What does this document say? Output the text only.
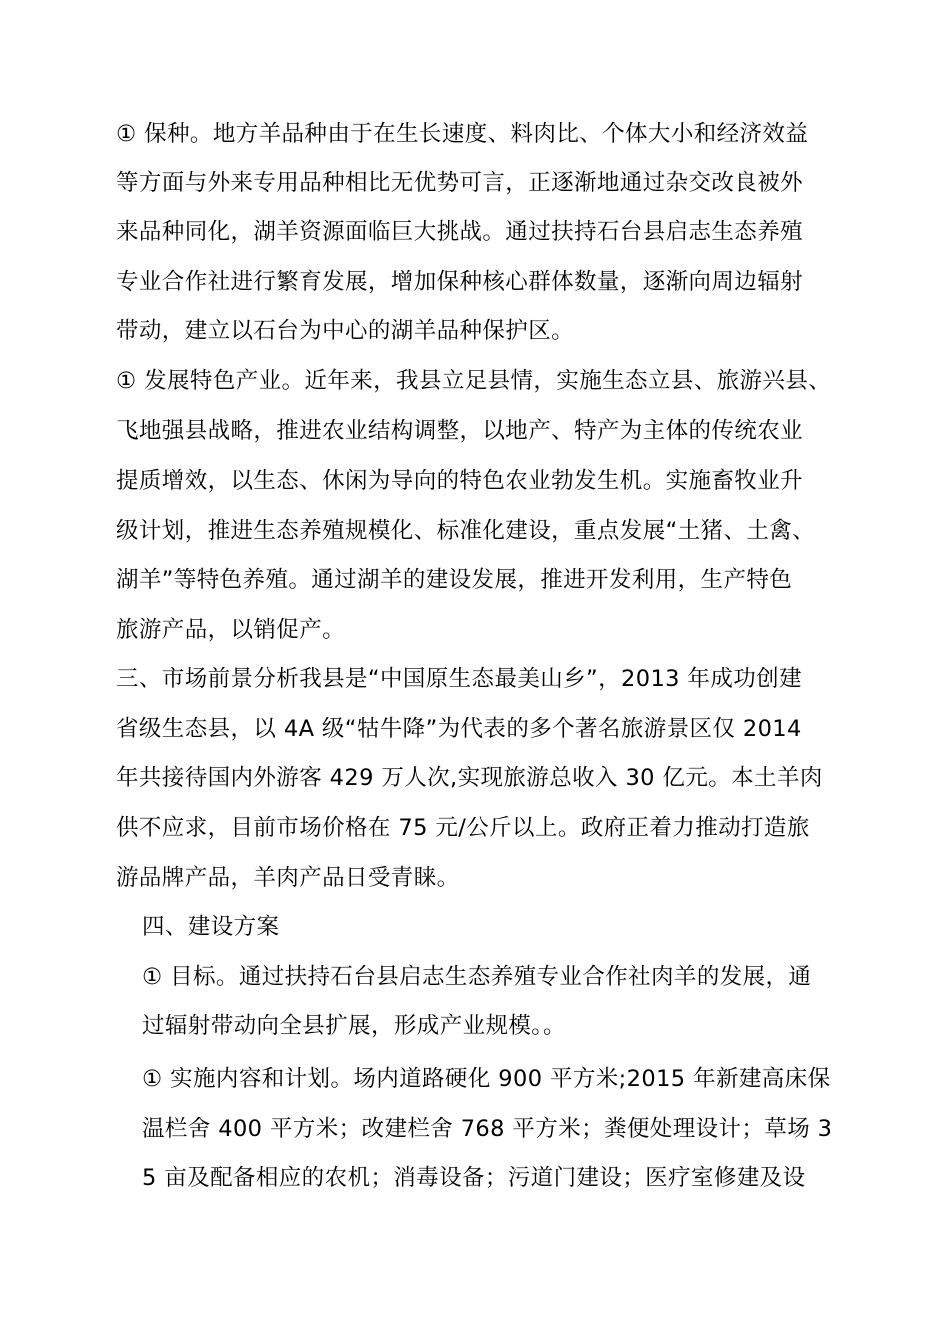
① 保种。地方羊品种由于在生长速度、料肉比、个体大小和经济效益
等方面与外来专用品种相比无优势可言，正逐渐地通过杂交改良被外
来品种同化，湖羊资源面临巨大挑战。通过扶持石台县启志生态养殖
专业合作社进行繁育发展，增加保种核心群体数量，逐渐向周边辐射
带动，建立以石台为中心的湖羊品种保护区。
① 发展特色产业。近年来，我县立足县情，实施生态立县、旅游兴县、
飞地强县战略，推进农业结构调整，以地产、特产为主体的传统农业
提质增效，以生态、休闲为导向的特色农业勃发生机。实施畜牧业升
级计划，推进生态养殖规模化、标准化建设，重点发展“土猪、土禽、
湖羊”等特色养殖。通过湖羊的建设发展，推进开发利用，生产特色
旅游产品，以销促产。
三、市场前景分析我县是“中国原生态最美山乡”，2013 年成功创建
省级生态县，以 4A 级“牯牛降”为代表的多个著名旅游景区仅 2014
年共接待国内外游客 429 万人次,实现旅游总收入 30 亿元。本土羊肉
供不应求，目前市场价格在 75 元/公斤以上。政府正着力推动打造旅
游品牌产品，羊肉产品日受青睐。
四、建设方案
① 目标。通过扶持石台县启志生态养殖专业合作社肉羊的发展，通
过辐射带动向全县扩展，形成产业规模。。
① 实施内容和计划。场内道路硬化 900 平方米;2015 年新建高床保
温栏舍 400 平方米；改建栏舍 768 平方米；粪便处理设计；草场 3
5 亩及配备相应的农机；消毒设备；污道门建设；医疗室修建及设
